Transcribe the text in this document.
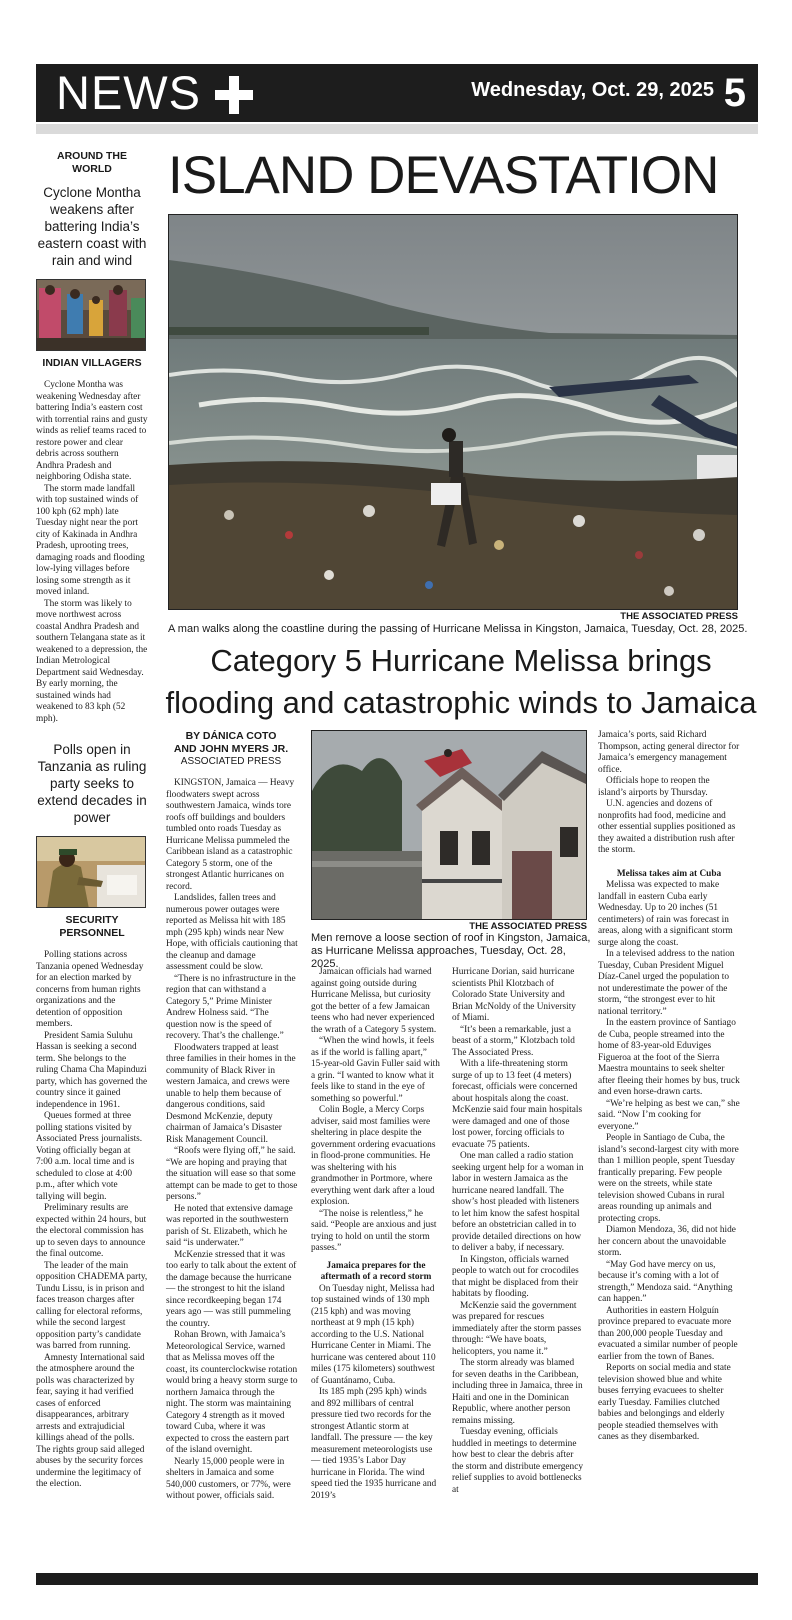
NEWS	Wednesday, Oct. 29, 2025 5
AROUND THE WORLD
Cyclone Montha weakens after battering India’s eastern coast with rain and wind
INDIAN VILLAGERS

Cyclone Montha was weakening Wednesday after battering India’s eastern cost with torrential rains and gusty winds as relief teams raced to restore power and clear debris across southern Andhra Pradesh and neighboring Odisha state.

The storm made landfall with top sustained winds of 100 kph (62 mph) late Tuesday night near the port city of Kakinada in Andhra Pradesh, uprooting trees, damaging roads and flooding low-lying villages before losing some strength as it moved inland.

The storm was likely to move northwest across coastal Andhra Pradesh and southern Telangana state as it weakened to a depression, the Indian Metrological Department said Wednesday. By early morning, the sustained winds had weakened to 83 kph (52 mph).

Polls open in Tanzania as ruling party seeks to extend decades in power
SECURITY PERSONNEL

Polling stations across Tanzania opened Wednesday for an election marked by concerns from human rights organizations and the detention of opposition members.

President Samia Suluhu Hassan is seeking a second term. She belongs to the ruling Chama Cha Mapinduzi party, which has governed the country since it gained independence in 1961.

Queues formed at three polling stations visited by Associated Press journalists. Voting officially began at 7:00 a.m. local time and is scheduled to close at 4:00 p.m., after which vote tallying will begin.

Preliminary results are expected within 24 hours, but the electoral commission has up to seven days to announce the final outcome.

The leader of the main opposition CHADEMA party, Tundu Lissu, is in prison and faces treason charges after calling for electoral reforms, while the second largest opposition party’s candidate was barred from running.

Amnesty International said the atmosphere around the polls was characterized by fear, saying it had verified cases of enforced disappearances, arbitrary arrests and extrajudicial killings ahead of the polls. The rights group said alleged abuses by the security forces undermine the legitimacy of the election.

ISLAND DEVASTATION
THE ASSOCIATED PRESS
A man walks along the coastline during the passing of Hurricane Melissa in Kingston, Jamaica, Tuesday, Oct. 28, 2025.
Category 5 Hurricane Melissa brings
flooding and catastrophic winds to Jamaica
BY DÁNICA COTO
AND JOHN MYERS JR.
ASSOCIATED PRESS

KINGSTON, Jamaica — Heavy floodwaters swept across southwestern Jamaica, winds tore roofs off buildings and boulders tumbled onto roads Tuesday as Hurricane Melissa pummeled the Caribbean island as a catastrophic Category 5 storm, one of the strongest Atlantic hurricanes on record.

Landslides, fallen trees and numerous power outages were reported as Melissa hit with 185 mph (295 kph) winds near New Hope, with officials cautioning that the cleanup and damage assessment could be slow.

“There is no infrastructure in the region that can withstand a Category 5,” Prime Minister Andrew Holness said. “The question now is the speed of recovery. That’s the challenge.”

Floodwaters trapped at least three families in their homes in the community of Black River in western Jamaica, and crews were unable to help them because of dangerous conditions, said Desmond McKenzie, deputy chairman of Jamaica’s Disaster Risk Management Council.

“Roofs were flying off,” he said. “We are hoping and praying that the situation will ease so that some attempt can be made to get to those persons.”

He noted that extensive damage was reported in the southwestern parish of St. Elizabeth, which he said “is underwater.”

McKenzie stressed that it was too early to talk about the extent of the damage because the hurricane — the strongest to hit the island since recordkeeping began 174 years ago — was still pummeling the country.

Rohan Brown, with Jamaica’s Meteorological Service, warned that as Melissa moves off the coast, its counterclockwise rotation would bring a heavy storm surge to northern Jamaica through the night. The storm was maintaining Category 4 strength as it moved toward Cuba, where it was expected to cross the eastern part of the island overnight.

Nearly 15,000 people were in shelters in Jamaica and some 540,000 customers, or 77%, were without power, officials said.

THE ASSOCIATED PRESS
Men remove a loose section of roof in Kingston, Jamaica, as Hurricane Melissa approaches, Tuesday, Oct. 28, 2025.

Jamaican officials had warned against going outside during Hurricane Melissa, but curiosity got the better of a few Jamaican teens who had never experienced the wrath of a Category 5 system.

“When the wind howls, it feels as if the world is falling apart,” 15-year-old Gavin Fuller said with a grin. “I wanted to know what it feels like to stand in the eye of something so powerful.”

Colin Bogle, a Mercy Corps adviser, said most families were sheltering in place despite the government ordering evacuations in flood-prone communities. He was sheltering with his grandmother in Portmore, where everything went dark after a loud explosion.

“The noise is relentless,” he said. “People are anxious and just trying to hold on until the storm passes.”

Jamaica prepares for the aftermath of a record storm

On Tuesday night, Melissa had top sustained winds of 130 mph (215 kph) and was moving northeast at 9 mph (15 kph) according to the U.S. National Hurricane Center in Miami. The hurricane was centered about 110 miles (175 kilometers) southwest of Guantánamo, Cuba.

Its 185 mph (295 kph) winds and 892 millibars of central pressure tied two records for the strongest Atlantic storm at landfall. The pressure — the key measurement meteorologists use — tied 1935’s Labor Day hurricane in Florida. The wind speed tied the 1935 hurricane and 2019’s

Hurricane Dorian, said hurricane scientists Phil Klotzbach of Colorado State University and Brian McNoldy of the University of Miami.

“It’s been a remarkable, just a beast of a storm,” Klotzbach told The Associated Press.

With a life-threatening storm surge of up to 13 feet (4 meters) forecast, officials were concerned about hospitals along the coast. McKenzie said four main hospitals were damaged and one of those lost power, forcing officials to evacuate 75 patients.

One man called a radio station seeking urgent help for a woman in labor in western Jamaica as the hurricane neared landfall. The show’s host pleaded with listeners to let him know the safest hospital before an obstetrician called in to provide detailed directions on how to deliver a baby, if necessary.

In Kingston, officials warned people to watch out for crocodiles that might be displaced from their habitats by flooding.

McKenzie said the government was prepared for rescues immediately after the storm passes through: “We have boats, helicopters, you name it.”

The storm already was blamed for seven deaths in the Caribbean, including three in Jamaica, three in Haiti and one in the Dominican Republic, where another person remains missing.

Tuesday evening, officials huddled in meetings to determine how best to clear the debris after the storm and distribute emergency relief supplies to avoid bottlenecks at

Jamaica’s ports, said Richard Thompson, acting general director for Jamaica’s emergency management office.

Officials hope to reopen the island’s airports by Thursday.

U.N. agencies and dozens of nonprofits had food, medicine and other essential supplies positioned as they awaited a distribution rush after the storm.

Melissa takes aim at Cuba

Melissa was expected to make landfall in eastern Cuba early Wednesday. Up to 20 inches (51 centimeters) of rain was forecast in areas, along with a significant storm surge along the coast.

In a televised address to the nation Tuesday, Cuban President Miguel Díaz-Canel urged the population to not underestimate the power of the storm, “the strongest ever to hit national territory.”

In the eastern province of Santiago de Cuba, people streamed into the home of 83-year-old Eduviges Figueroa at the foot of the Sierra Maestra mountains to seek shelter after fleeing their homes by bus, truck and even horse-drawn carts.

“We’re helping as best we can,” she said. “Now I’m cooking for everyone.”

People in Santiago de Cuba, the island’s second-largest city with more than 1 million people, spent Tuesday frantically preparing. Few people were on the streets, while state television showed Cubans in rural areas rounding up animals and protecting crops.

Diamon Mendoza, 36, did not hide her concern about the unavoidable storm.

“May God have mercy on us, because it’s coming with a lot of strength,” Mendoza said. “Anything can happen.”

Authorities in eastern Holguín province prepared to evacuate more than 200,000 people Tuesday and evacuated a similar number of people earlier from the town of Banes.

Reports on social media and state television showed blue and white buses ferrying evacuees to shelter early Tuesday. Families clutched babies and belongings and elderly people steadied themselves with canes as they disembarked.
